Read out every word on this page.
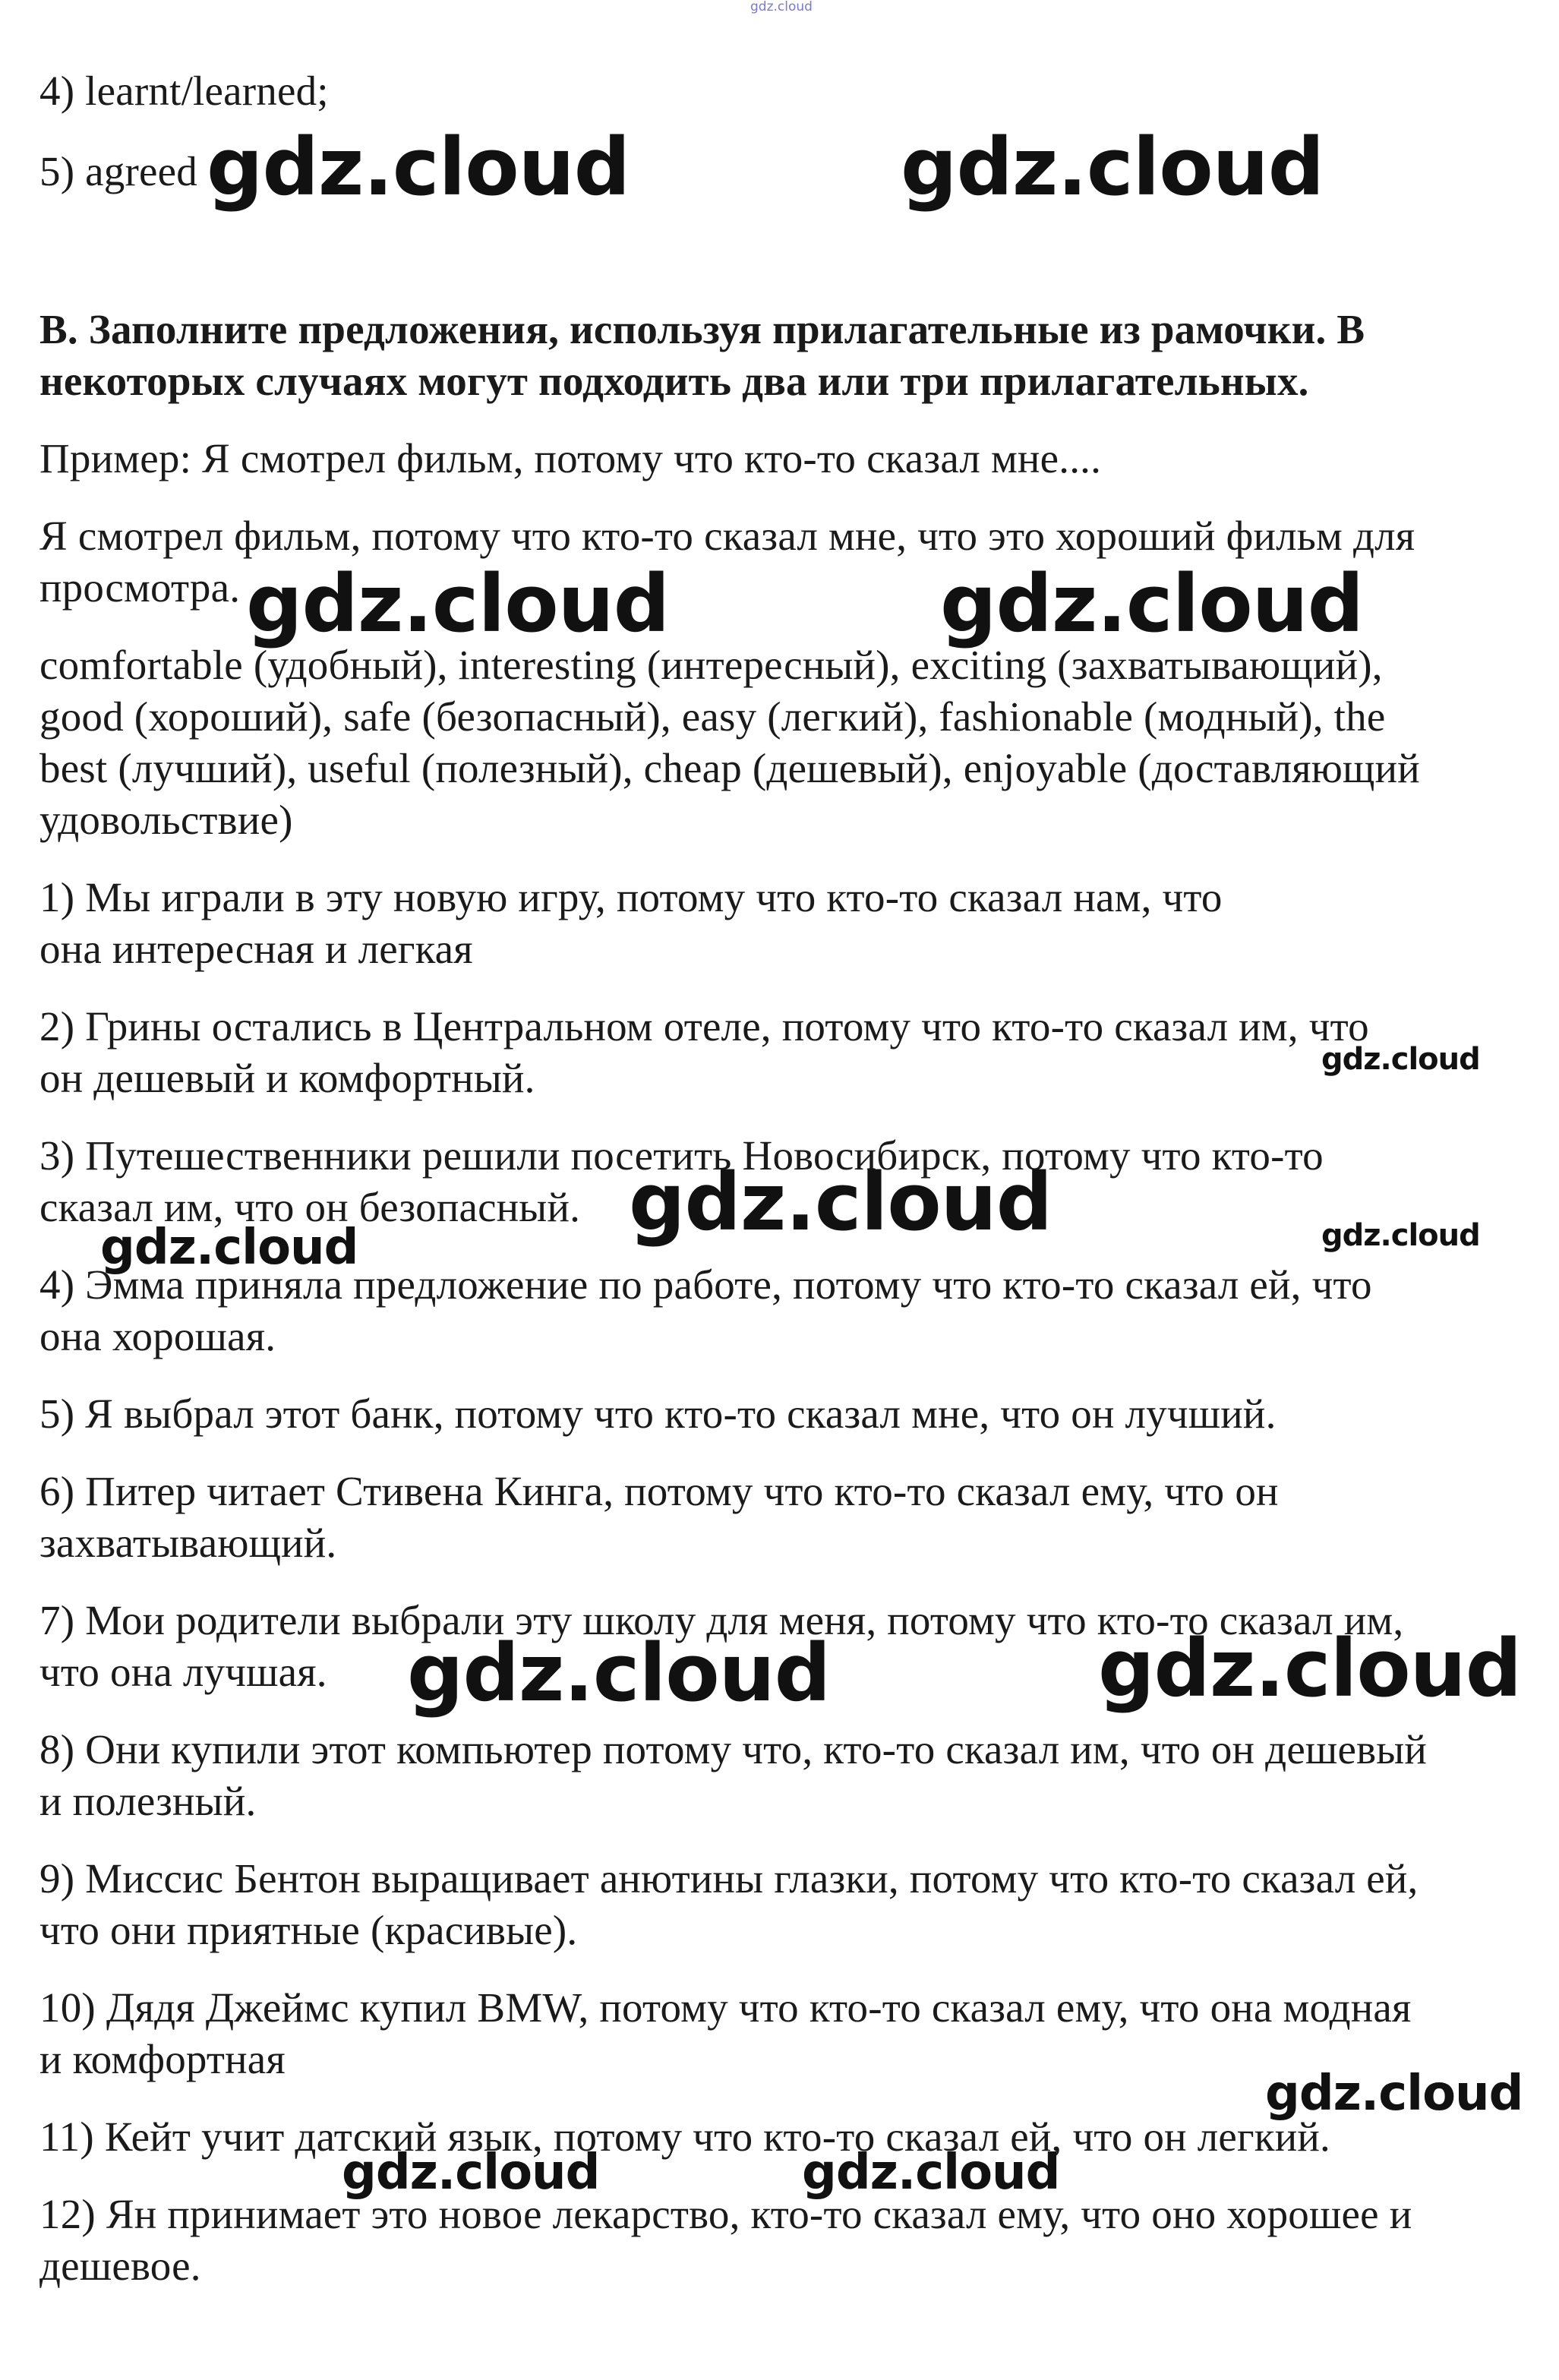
gdz.cloud
4) learnt/learned;
5) agreed
B. Заполните предложения, используя прилагательные из рамочки. В
некоторых случаях могут подходить два или три прилагательных.
Пример: Я смотрел фильм, потому что кто-то сказал мне....
Я смотрел фильм, потому что кто-то сказал мне, что это хороший фильм для
просмотра.
comfortable (удобный), interesting (интересный), exciting (захватывающий),
good (хороший), safe (безопасный), easy (легкий), fashionable (модный), the
best (лучший), useful (полезный), cheap (дешевый), enjoyable (доставляющий
удовольствие)
1) Мы играли в эту новую игру, потому что кто-то сказал нам, что
она интересная и легкая
2) Грины остались в Центральном отеле, потому что кто-то сказал им, что
он дешевый и комфортный.
3) Путешественники решили посетить Новосибирск, потому что кто-то
сказал им, что он безопасный.
4) Эмма приняла предложение по работе, потому что кто-то сказал ей, что
она хорошая.
5) Я выбрал этот банк, потому что кто-то сказал мне, что он лучший.
6) Питер читает Стивена Кинга, потому что кто-то сказал ему, что он
захватывающий.
7) Мои родители выбрали эту школу для меня, потому что кто-то сказал им,
что она лучшая.
8) Они купили этот компьютер потому что, кто-то сказал им, что он дешевый
и полезный.
9) Миссис Бентон выращивает анютины глазки, потому что кто-то сказал ей,
что они приятные (красивые).
10) Дядя Джеймс купил BMW, потому что кто-то сказал ему, что она модная
и комфортная
11) Кейт учит датский язык, потому что кто-то сказал ей, что он легкий.
12) Ян принимает это новое лекарство, кто-то сказал ему, что оно хорошее и
дешевое.
gdz.cloud	gdz.cloud
gdz.cloud	gdz.cloud
gdz.cloud
gdz.cloud	gdz.cloud
gdz.cloud
gdz.cloud	gdz.cloud
gdz.cloud
gdz.cloud	gdz.cloud
